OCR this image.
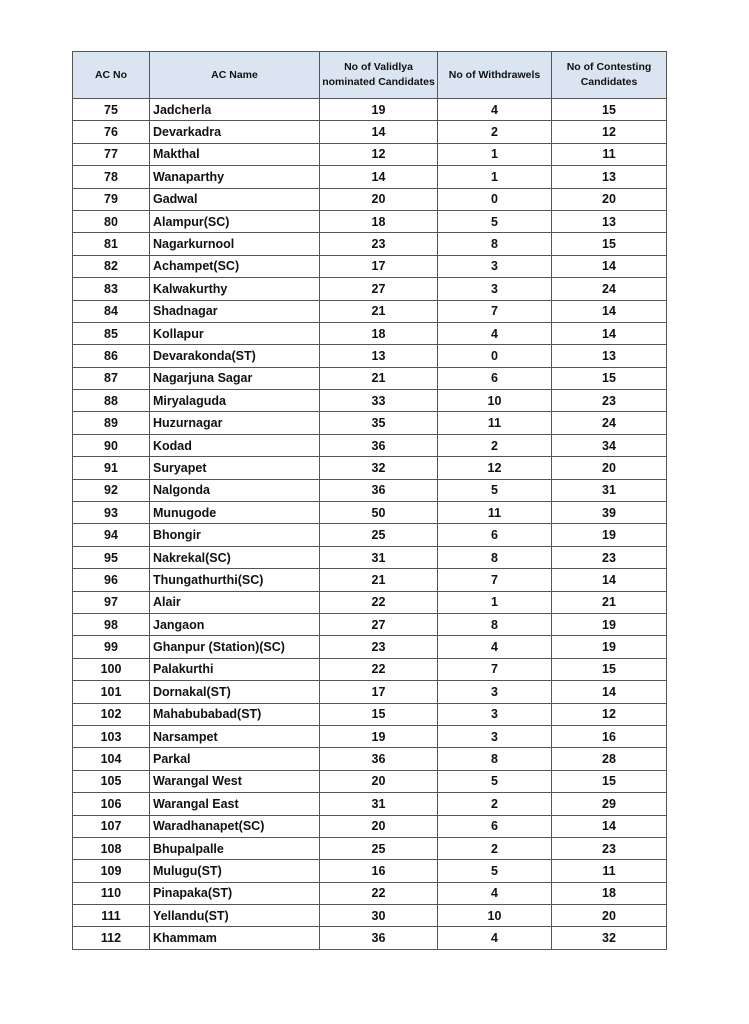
AC No	AC Name	No of Validlya nominated Candidates	No of Withdrawels	No of Contesting Candidates
75	Jadcherla	19	4	15
76	Devarkadra	14	2	12
77	Makthal	12	1	11
78	Wanaparthy	14	1	13
79	Gadwal	20	0	20
80	Alampur(SC)	18	5	13
81	Nagarkurnool	23	8	15
82	Achampet(SC)	17	3	14
83	Kalwakurthy	27	3	24
84	Shadnagar	21	7	14
85	Kollapur	18	4	14
86	Devarakonda(ST)	13	0	13
87	Nagarjuna Sagar	21	6	15
88	Miryalaguda	33	10	23
89	Huzurnagar	35	11	24
90	Kodad	36	2	34
91	Suryapet	32	12	20
92	Nalgonda	36	5	31
93	Munugode	50	11	39
94	Bhongir	25	6	19
95	Nakrekal(SC)	31	8	23
96	Thungathurthi(SC)	21	7	14
97	Alair	22	1	21
98	Jangaon	27	8	19
99	Ghanpur (Station)(SC)	23	4	19
100	Palakurthi	22	7	15
101	Dornakal(ST)	17	3	14
102	Mahabubabad(ST)	15	3	12
103	Narsampet	19	3	16
104	Parkal	36	8	28
105	Warangal West	20	5	15
106	Warangal East	31	2	29
107	Waradhanapet(SC)	20	6	14
108	Bhupalpalle	25	2	23
109	Mulugu(ST)	16	5	11
110	Pinapaka(ST)	22	4	18
111	Yellandu(ST)	30	10	20
112	Khammam	36	4	32
